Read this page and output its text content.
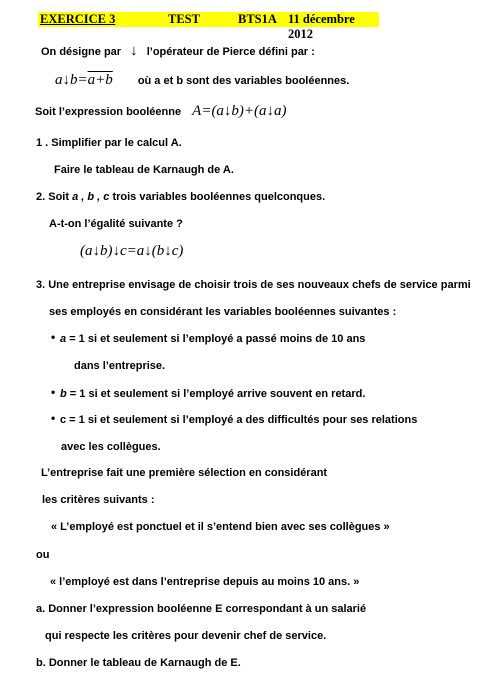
EXERCICE 3	TEST	BTS1A 11 décembre 2012
On désigne par ↓ l’opérateur de Pierce défini par :
a↓b=a+b où a et b sont des variables booléennes.
Soit l’expression booléenne A=(a↓b)+(a↓a)
1 . Simplifier par le calcul A.
Faire le tableau de Karnaugh de A.
2. Soit a , b , c trois variables booléennes quelconques.
A-t-on l’égalité suivante ?
(a↓b)↓c=a↓(b↓c)
3. Une entreprise envisage de choisir trois de ses nouveaux chefs de service parmi
ses employés en considérant les variables booléennes suivantes :
• a = 1 si et seulement si l’employé a passé moins de 10 ans
dans l’entreprise.
• b = 1 si et seulement si l’employé arrive souvent en retard.
• c = 1 si et seulement si l’employé a des difficultés pour ses relations
avec les collègues.
L’entreprise fait une première sélection en considérant
les critères suivants :
« L’employé est ponctuel et il s’entend bien avec ses collègues »
ou
« l’employé est dans l’entreprise depuis au moins 10 ans. »
a. Donner l’expression booléenne E correspondant à un salarié
qui respecte les critères pour devenir chef de service.
b. Donner le tableau de Karnaugh de E.
